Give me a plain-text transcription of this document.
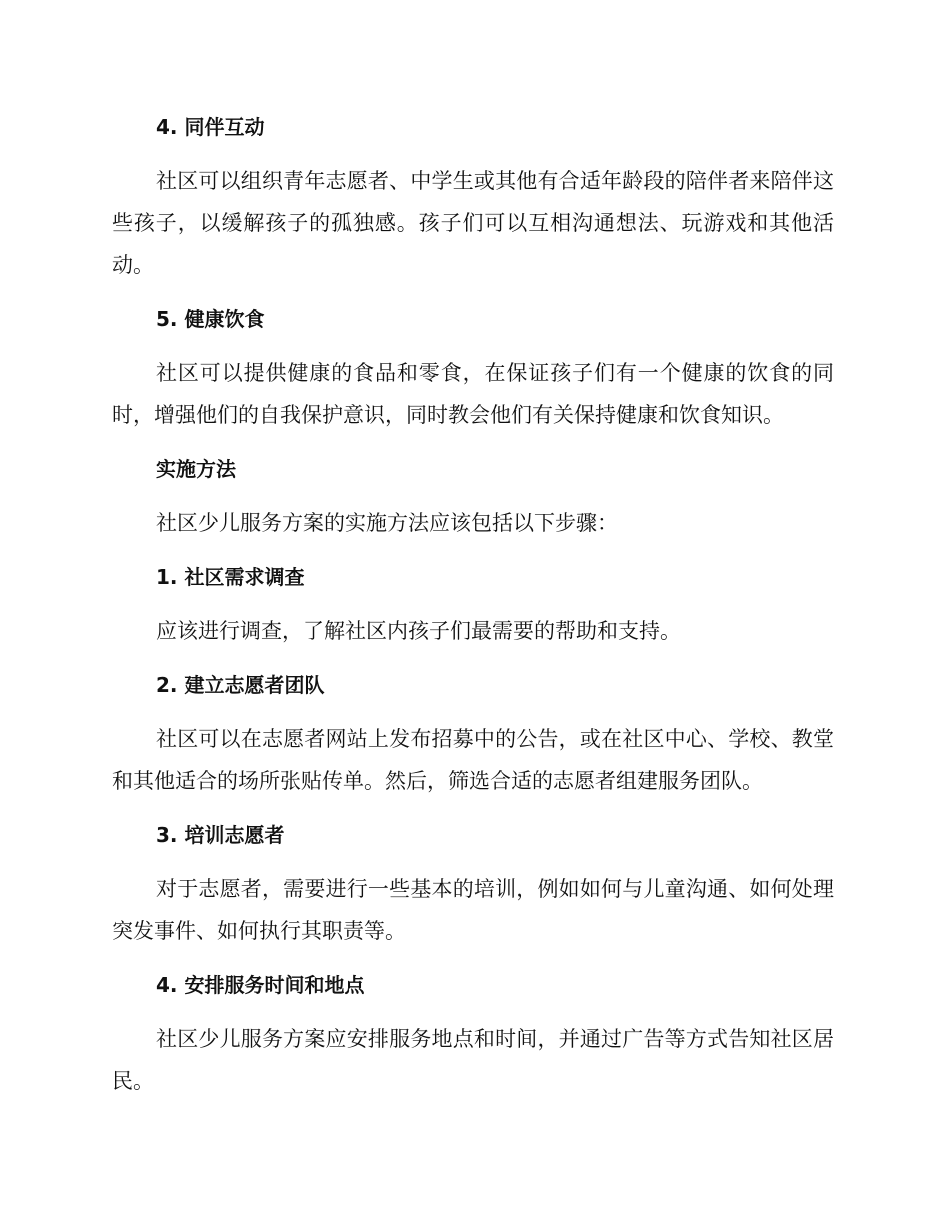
4. 同伴互动

社区可以组织青年志愿者、中学生或其他有合适年龄段的陪伴者来陪伴这些孩子，以缓解孩子的孤独感。孩子们可以互相沟通想法、玩游戏和其他活动。

5. 健康饮食

社区可以提供健康的食品和零食，在保证孩子们有一个健康的饮食的同时，增强他们的自我保护意识，同时教会他们有关保持健康和饮食知识。

实施方法

社区少儿服务方案的实施方法应该包括以下步骤：

1. 社区需求调查

应该进行调查，了解社区内孩子们最需要的帮助和支持。

2. 建立志愿者团队

社区可以在志愿者网站上发布招募中的公告，或在社区中心、学校、教堂和其他适合的场所张贴传单。然后，筛选合适的志愿者组建服务团队。

3. 培训志愿者

对于志愿者，需要进行一些基本的培训，例如如何与儿童沟通、如何处理突发事件、如何执行其职责等。

4. 安排服务时间和地点

社区少儿服务方案应安排服务地点和时间，并通过广告等方式告知社区居民。
